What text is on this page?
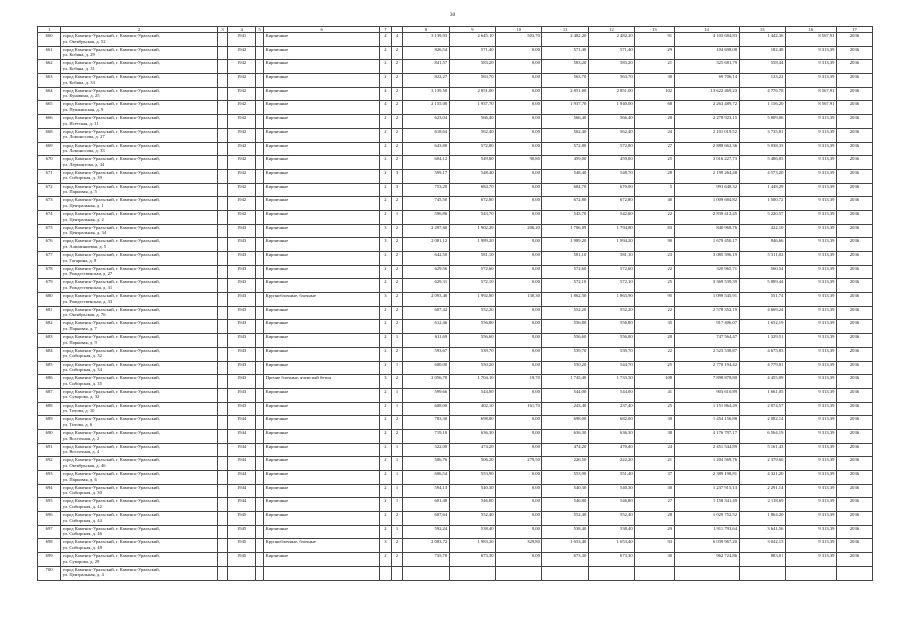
30
1	2	3	4	5	6	7		8	9	10	11	12	13	14	15	16	17
660	город Каменск-Уральский, г. Каменск-Уральский,
ул. Октябрьская, д. 52		1941		Кирпичные	4	4	3 139,03	2 645,10	503,70	2 482,20	2 482,20	91	4 103 684,83	1 442,36	8 567,91	2036
661	город Каменск-Уральский, г. Каменск-Уральский,
ул. Кобяна, д. 29		1942		Кирпичные	2	2	826,54	571,40	0,00	571,40	571,40	29	104 698,08	182,48	9 313,39	2036
662	город Каменск-Уральский, г. Каменск-Уральский,
ул. Кобяна, д. 31		1942		Кирпичные	2	2	841,57	583,20	0,00	583,20	583,20	21	325 681,79	558,44	9 313,39	2036
663	город Каменск-Уральский, г. Каменск-Уральский,
ул. Кобяна, д. 33		1942		Кирпичные	2	2	822,27	563,70	0,00	563,70	563,70	30	69 706,14	123,22	9 313,39	2036
664	город Каменск-Уральский, г. Каменск-Уральский,
ул. Кунавина, д. 25		1942		Кирпичные	4	2	3 139,50	2 851,00	0,00	2 851,00	2 851,00	102	13 622 469,23	4 776,78	8 567,91	2036
665	город Каменск-Уральский, г. Каменск-Уральский,
ул. Пушкинская, д. 9		1942		Кирпичные	4	2	2 155,00	1 937,70	0,00	1 937,70	1 940,00	68	2 263 489,72	1 156,20	8 567,91	2036
666	город Каменск-Уральский, г. Каменск-Уральский,
ул. Исетская, д. 11		1942		Кирпичные	2	2	623,04	566,40	0,00	566,40	566,40	28	2 278 923,15	5 809,06	9 313,39	2036
668	город Каменск-Уральский, г. Каменск-Уральский,
ул. Ломоносова, д. 27		1942		Кирпичные	2	2	618,64	562,40	0,00	562,40	562,40	24	2 101 019,52	3 735,81	9 313,39	2036
669	город Каменск-Уральский, г. Каменск-Уральский,
ул. Ломоносова, д. 33		1942		Кирпичные	2	2	643,80	572,80	0,00	572,80	572,80	27	2 888 662,36	5 038,33	9 313,39	2036
670	город Каменск-Уральский, г. Каменск-Уральский,
ул. Лермонтова, д. 34		1942		Кирпичные	2	2	604,12	549,80	90,80	459,00	459,00	25	3 016 227,73	5 486,05	9 313,39	2036
671	город Каменск-Уральский, г. Каменск-Уральский,
ул. Сибирская, д. 39		1942		Кирпичные	2	3	599,17	548,40	0,00	548,40	548,70	28	2 199 264,48	4 573,20	9 313,39	2036
672	город Каменск-Уральский, г. Каменск-Уральский,
ул. Парковая, д. 5		1942		Кирпичные	2	3	753,20	684,70	0,00	684,70	670,00	5	991 648,32	1 448,29	9 313,39	2036
673	город Каменск-Уральский, г. Каменск-Уральский,
ул. Центральная, д. 1		1942		Кирпичные	2	2	745,50	672,80	0,00	672,80	672,80	40	1 009 684,82	1 500,72	9 313,39	2036
674	город Каменск-Уральский, г. Каменск-Уральский,
ул. Центральная, д. 2		1942		Кирпичные	2	1	596,86	543,70	0,00	543,70	542,60	22	2 839 412,45	5 220,57	9 313,39	2036
675	город Каменск-Уральский, г. Каменск-Уральский,
ул. Центральная, д. 34		1943		Кирпичные	3	2	2 297,60	1 902,29	206,20	1 706,09	1 794,80	83	840 968,76	422,10	9 313,39	2036
676	город Каменск-Уральский, г. Каменск-Уральский,
ул. Алюминиевая, д. 5		1943		Кирпичные	3	2	2 081,12	1 989,20	0,00	1 989,20	1 994,20	90	1 679 450,17	846,66	9 313,39	2036
677	город Каменск-Уральский, г. Каменск-Уральский,
ул. Гагарина, д. 8		1943		Кирпичные	2	2	642,50	581,10	0,00	581,10	581,10	23	3 085 396,19	5 311,02	9 313,39	2036
678	город Каменск-Уральский, г. Каменск-Уральский,
ул. Рождественская, д. 27		1943		Кирпичные	2	2	629,56	572,60	0,00	572,60	572,60	22	320 965,71	560,54	9 313,39	2036
679	город Каменск-Уральский, г. Каменск-Уральский,
ул. Рождественская, д. 31		1943		Кирпичные	2	2	629,31	572,10	0,00	572,10	572,10	25	3 369 539,39	5 889,44	9 313,39	2036
680	город Каменск-Уральский, г. Каменск-Уральский,
ул. Рождественская, д. 33		1943		Крупноблочные, блочные	3	2	2 093,40	1 992,80	130,30	1 862,50	1 863,90	95	1 099 545,91	551,74	9 313,39	2036
681	город Каменск-Уральский, г. Каменск-Уральский,
ул. Октябрьская, д. 76		1943		Кирпичные	2	2	607,42	552,20	0,00	552,20	552,20	22	2 578 352,19	4 669,24	9 313,39	2036
682	город Каменск-Уральский, г. Каменск-Уральский,
ул. Парковая, д. 7		1943		Кирпичные	2	2	612,46	556,80	0,00	556,80	556,80	35	917 406,07	1 652,19	9 313,39	2036
683	город Каменск-Уральский, г. Каменск-Уральский,
ул. Парковая, д. 9		1943		Кирпичные	2	1	611,69	556,60	0,00	556,60	556,00	28	747 564,47	1 329,51	9 313,39	2036
684	город Каменск-Уральский, г. Каменск-Уральский,
ул. Сибирская, д. 32		1943		Кирпичные	2	2	593,67	539,70	0,00	539,70	539,70	22	2 523 538,87	4 675,83	9 313,39	2036
685	город Каменск-Уральский, г. Каменск-Уральский,
ул. Сибирская, д. 34		1943		Кирпичные	2	1	600,00	550,20	0,00	550,20	544,70	25	2 770 194,42	4 779,81	9 313,39	2036
686	город Каменск-Уральский, г. Каменск-Уральский,
ул. Сибирская, д. 35		1943		Прочие блочные, ячеистый бетон	3	2	2 056,70	1 704,10	18,70	1 745,40	1 733,50	108	7 898 878,80	4 455,09	9 313,39	2036
687	город Каменск-Уральский, г. Каменск-Уральский,
ул. Суворова, д. 32		1943		Кирпичные	2	1	599,66	544,00	0,00	544,00	544,00	41	903 610,89	1 661,05	9 313,39	2036
688	город Каменск-Уральский, г. Каменск-Уральский,
ул. Титова, д. 10		1943		Кирпичные	2	1	608,00	402,10	161,70	243,40	237,40	25	1 151 864,49	2 874,57	9 313,39	2036
689	город Каменск-Уральский, г. Каменск-Уральский,
ул. Титова, д. 6		1944		Кирпичные	2	2	783,30	698,00	0,00	698,00	682,00	39	1 454 156,88	2 082,14	9 313,39	2036
690	город Каменск-Уральский, г. Каменск-Уральский,
ул. Восточная, д. 2		1944		Кирпичные	2	2	719,10	636,30	0,00	636,30	636,30	38	4 176 797,17	6 564,19	9 313,39	2036
691	город Каменск-Уральский, г. Каменск-Уральский,
ул. Восточная, д. 4		1944		Кирпичные	2	1	522,00	474,20	0,00	474,20	470,40	24	2 451 544,89	5 161,43	9 313,39	2036
692	город Каменск-Уральский, г. Каменск-Уральский,
ул. Октябрьская, д. 46		1944		Кирпичные	2	1	506,76	506,20	279,50	226,50	222,20	21	1 204 569,76	2 379,60	9 313,39	2036
693	город Каменск-Уральский, г. Каменск-Уральский,
ул. Парковая, д. 6		1944		Кирпичные	2	1	606,54	553,90	0,00	553,90	551,40	37	2 389 198,81	4 321,20	9 313,39	2036
694	город Каменск-Уральский, г. Каменск-Уральский,
ул. Сибирская, д. 30		1944		Кирпичные	2	1	594,13	540,30	0,00	540,30	540,30	30	1 237 915,13	2 291,14	9 313,39	2036
695	город Каменск-Уральский, г. Каменск-Уральский,
ул. Сибирская, д. 42		1944		Кирпичные	2	1	601,48	546,80	0,00	546,80	546,80	27	1 158 341,49	2 118,69	9 313,39	2036
696	город Каменск-Уральский, г. Каменск-Уральский,
ул. Сибирская, д. 44		1945		Кирпичные	2	2	607,64	552,40	0,00	552,40	552,40	28	1 029 752,52	1 864,20	9 313,39	2036
697	город Каменск-Уральский, г. Каменск-Уральский,
ул. Сибирская, д. 46		1945		Кирпичные	2	1	592,24	538,40	0,00	538,40	538,40	29	1 911 793,64	3 641,56	9 313,39	2036
698	город Каменск-Уральский, г. Каменск-Уральский,
ул. Сибирская, д. 48		1945		Крупноблочные, блочные	3	2	2 083,72	1 983,20	329,80	1 653,40	1 653,40	93	6 039 967,20	3 042,13	9 313,39	2036
699	город Каменск-Уральский, г. Каменск-Уральский,
ул. Суворова, д. 29		1945		Кирпичные	2	2	735,70	673,30	0,00	673,30	673,30	30	962 724,86	883,01	9 313,39	2036
700	город Каменск-Уральский, г. Каменск-Уральский,
ул. Центральная, д. 4																
